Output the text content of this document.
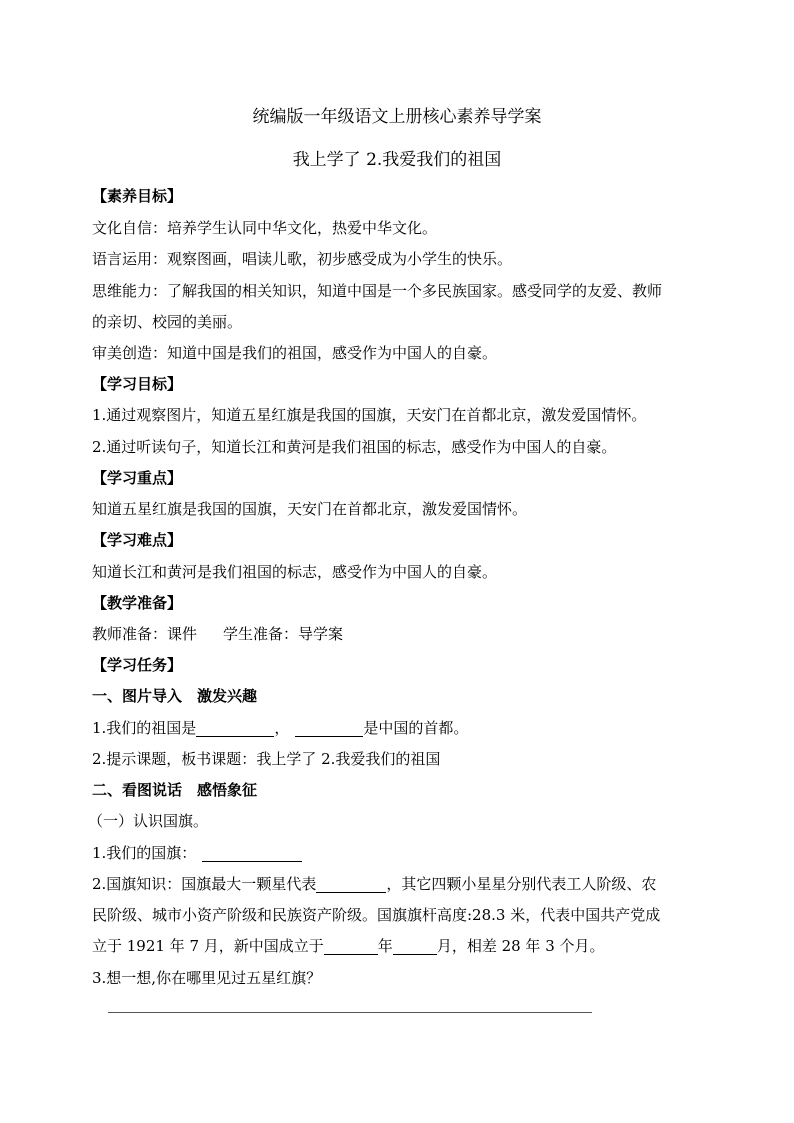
统编版一年级语文上册核心素养导学案
我上学了 2.我爱我们的祖国
【素养目标】
文化自信：培养学生认同中华文化，热爱中华文化。
语言运用：观察图画，唱读儿歌，初步感受成为小学生的快乐。
思维能力：了解我国的相关知识，知道中国是一个多民族国家。感受同学的友爱、教师
的亲切、校园的美丽。
审美创造：知道中国是我们的祖国，感受作为中国人的自豪。
【学习目标】
1.通过观察图片，知道五星红旗是我国的国旗，天安门在首都北京，激发爱国情怀。
2.通过听读句子，知道长江和黄河是我们祖国的标志，感受作为中国人的自豪。
【学习重点】
知道五星红旗是我国的国旗，天安门在首都北京，激发爱国情怀。
【学习难点】
知道长江和黄河是我们祖国的标志，感受作为中国人的自豪。
【教学准备】
教师准备：课件 学生准备：导学案
【学习任务】
一、图片导入　激发兴趣
1.我们的祖国是	，	是中国的首都。
2.提示课题，板书课题：我上学了 2.我爱我们的祖国
二、看图说话　感悟象征
（一）认识国旗。
1.我们的国旗：
2.国旗知识：国旗最大一颗星代表	，其它四颗小星星分别代表工人阶级、农
民阶级、城市小资产阶级和民族资产阶级。国旗旗杆高度:28.3 米，代表中国共产党成
立于 1921 年 7 月，新中国成立于	年	月，相差 28 年 3 个月。
3.想一想,你在哪里见过五星红旗？
